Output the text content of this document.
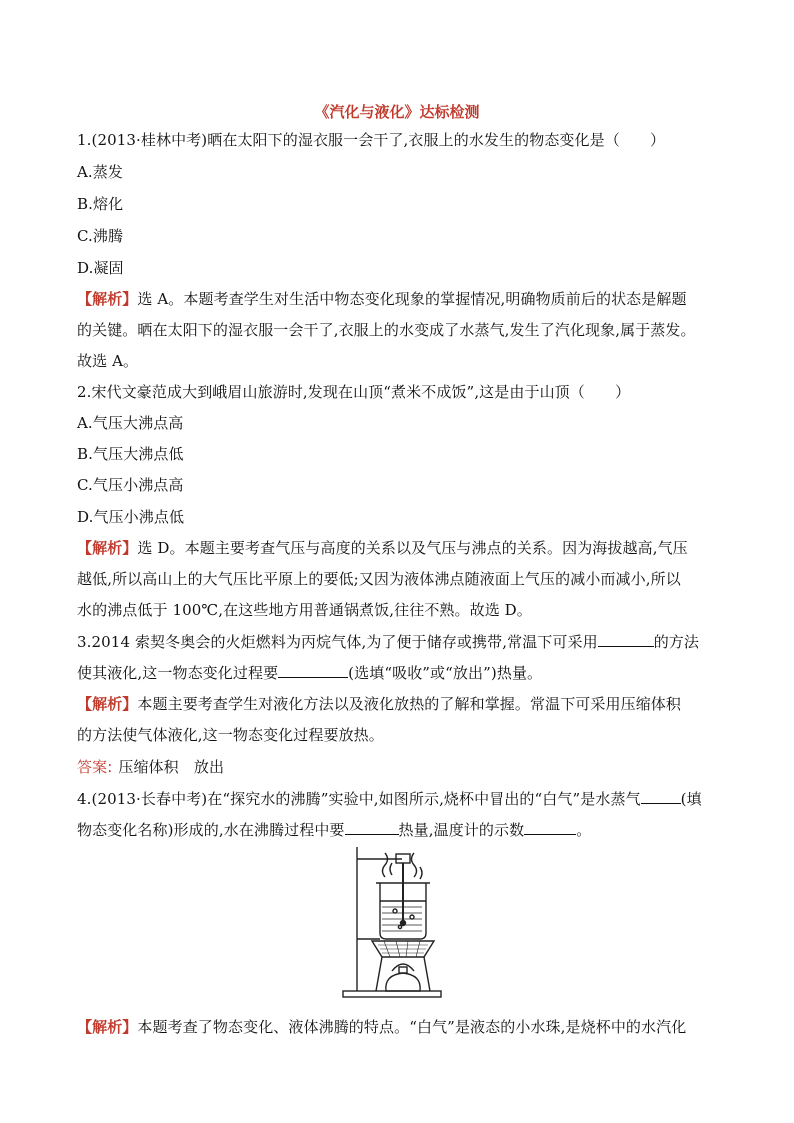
《汽化与液化》达标检测
1.(2013·桂林中考)晒在太阳下的湿衣服一会干了,衣服上的水发生的物态变化是（　　）
A.蒸发
B.熔化
C.沸腾
D.凝固
【解析】选 A。本题考查学生对生活中物态变化现象的掌握情况,明确物质前后的状态是解题
的关键。晒在太阳下的湿衣服一会干了,衣服上的水变成了水蒸气,发生了汽化现象,属于蒸发。
故选 A。
2.宋代文豪范成大到峨眉山旅游时,发现在山顶“煮米不成饭”,这是由于山顶（　　）
A.气压大沸点高
B.气压大沸点低
C.气压小沸点高
D.气压小沸点低
【解析】选 D。本题主要考查气压与高度的关系以及气压与沸点的关系。因为海拔越高,气压
越低,所以高山上的大气压比平原上的要低;又因为液体沸点随液面上气压的减小而减小,所以
水的沸点低于 100℃,在这些地方用普通锅煮饭,往往不熟。故选 D。
3.2014 索契冬奥会的火炬燃料为丙烷气体,为了便于储存或携带,常温下可采用	的方法
使其液化,这一物态变化过程要	(选填“吸收”或“放出”)热量。
【解析】本题主要考查学生对液化方法以及液化放热的了解和掌握。常温下可采用压缩体积
的方法使气体液化,这一物态变化过程要放热。
答案: 压缩体积　放出
4.(2013·长春中考)在“探究水的沸腾”实验中,如图所示,烧杯中冒出的“白气”是水蒸气	(填
物态变化名称)形成的,水在沸腾过程中要	热量,温度计的示数	。
【解析】本题考查了物态变化、液体沸腾的特点。“白气”是液态的小水珠,是烧杯中的水汽化
